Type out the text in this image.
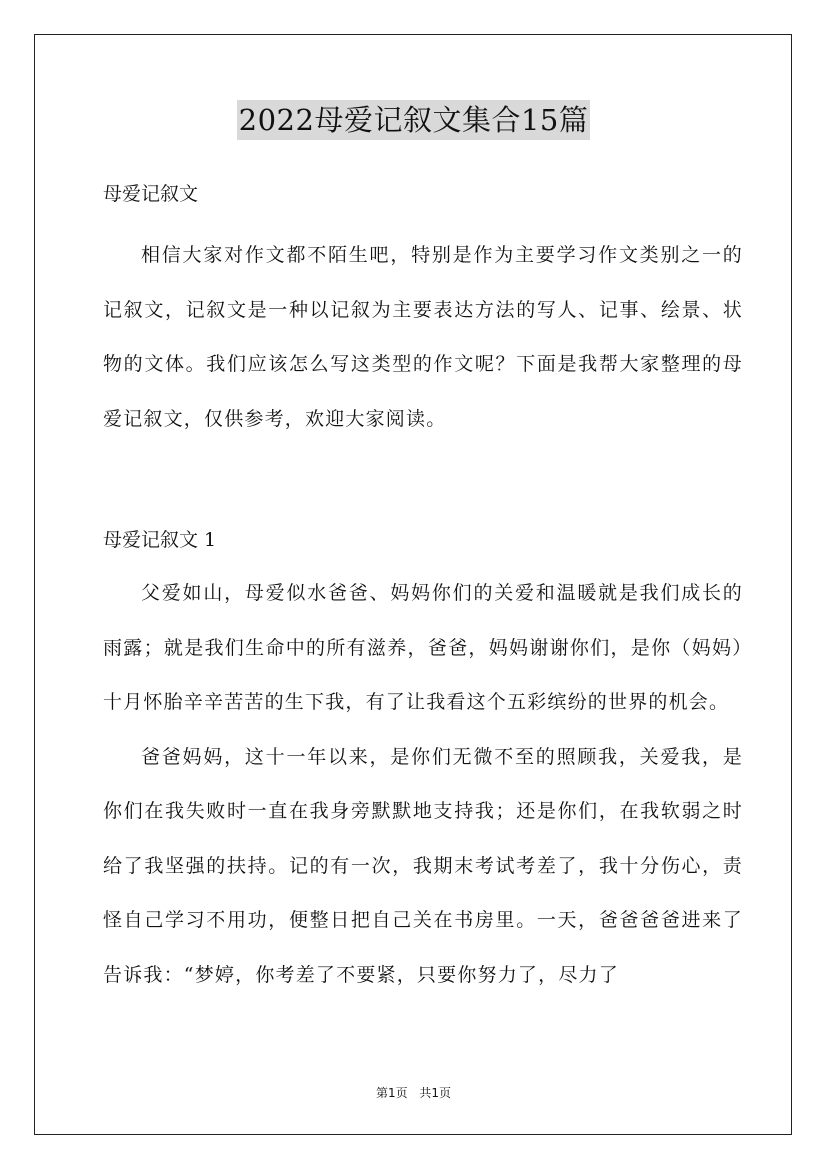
2022母爱记叙文集合15篇

母爱记叙文

相信大家对作文都不陌生吧，特别是作为主要学习作文类别之一的记叙文，记叙文是一种以记叙为主要表达方法的写人、记事、绘景、状物的文体。我们应该怎么写这类型的作文呢？下面是我帮大家整理的母爱记叙文，仅供参考，欢迎大家阅读。

母爱记叙文 1

父爱如山，母爱似水爸爸、妈妈你们的关爱和温暖就是我们成长的雨露；就是我们生命中的所有滋养，爸爸，妈妈谢谢你们，是你（妈妈）十月怀胎辛辛苦苦的生下我，有了让我看这个五彩缤纷的世界的机会。

爸爸妈妈，这十一年以来，是你们无微不至的照顾我，关爱我，是你们在我失败时一直在我身旁默默地支持我；还是你们，在我软弱之时给了我坚强的扶持。记的有一次，我期末考试考差了，我十分伤心，责怪自己学习不用功，便整日把自己关在书房里。一天，爸爸爸爸进来了告诉我：“梦婷，你考差了不要紧，只要你努力了，尽力了

第1页 共1页
